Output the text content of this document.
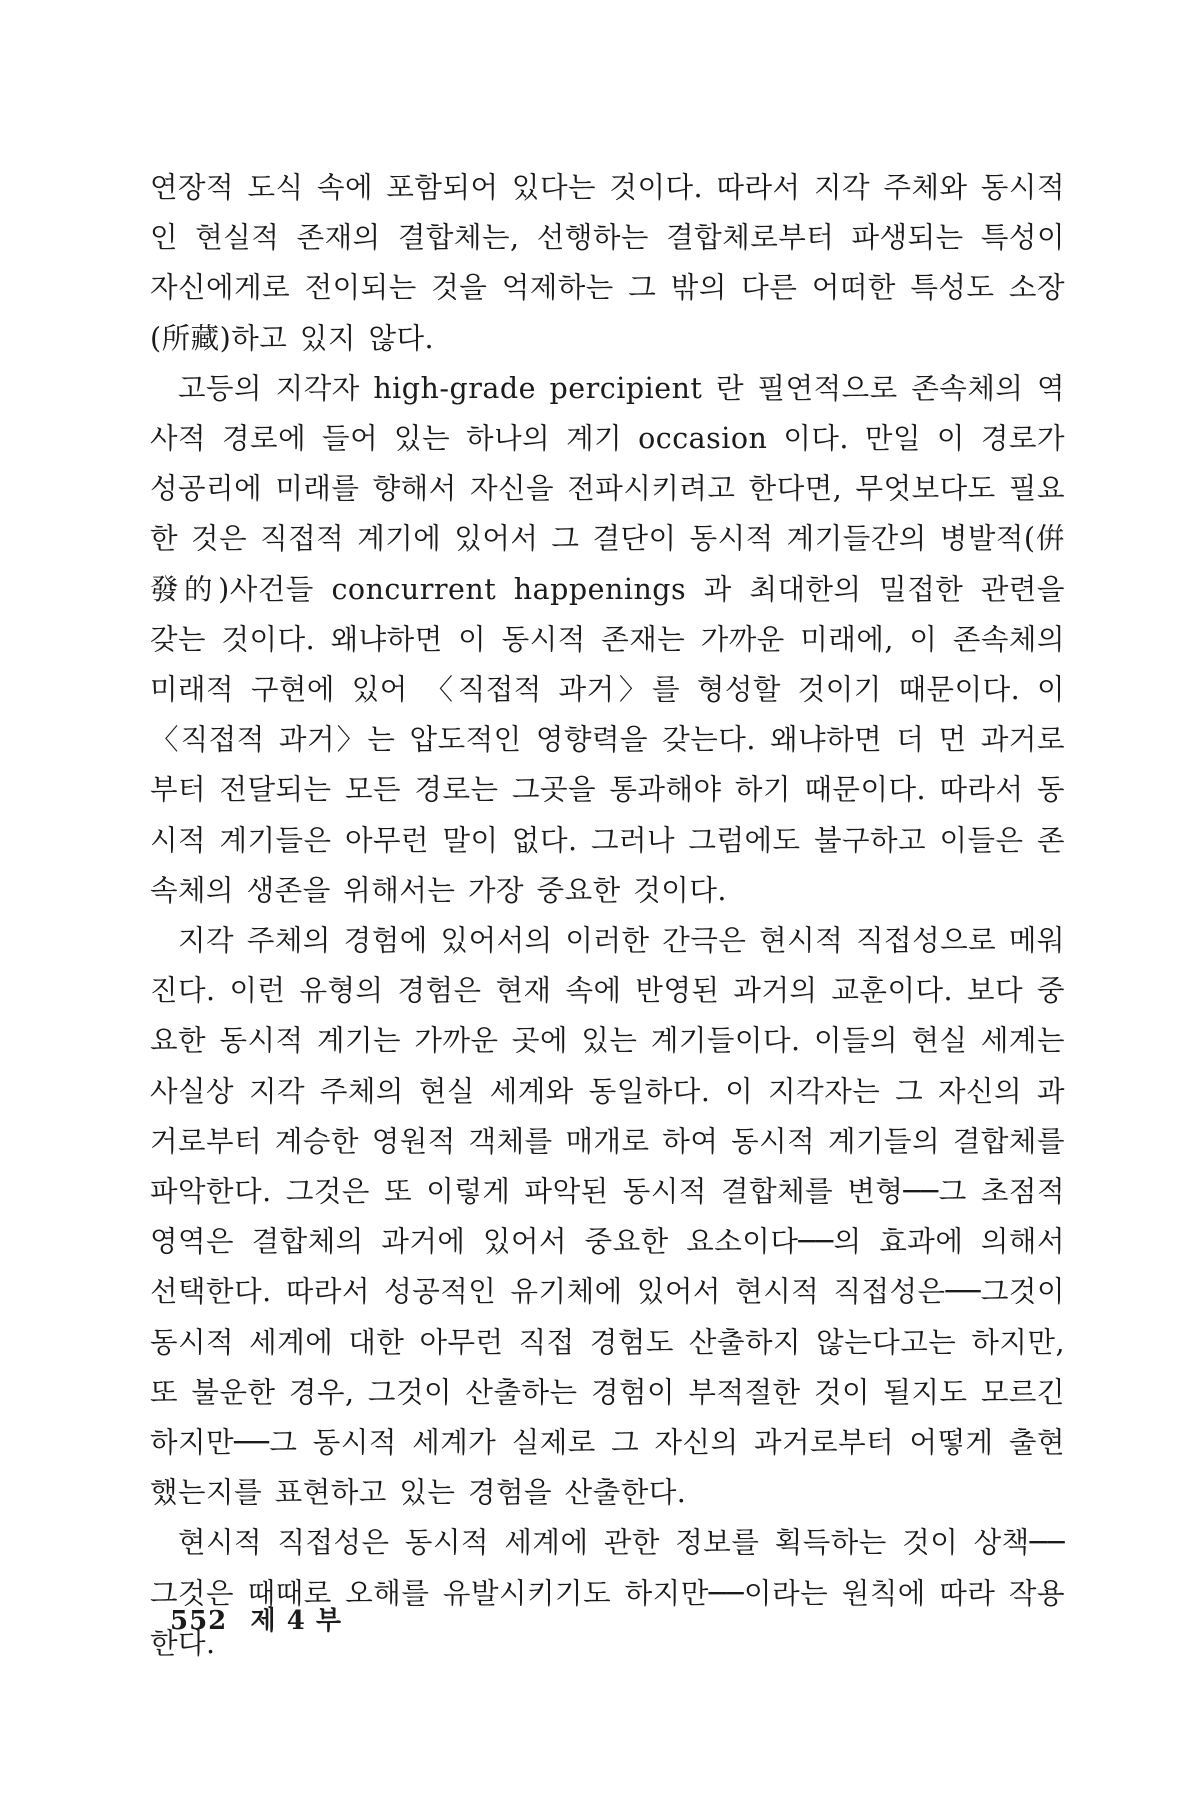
연장적 도식 속에 포함되어 있다는 것이다. 따라서 지각 주체와 동시적인 현실적 존재의 결합체는, 선행하는 결합체로부터 파생되는 특성이 자신에게로 전이되는 것을 억제하는 그 밖의 다른 어떠한 특성도 소장(所藏)하고 있지 않다.

고등의 지각자 high-grade percipient 란 필연적으로 존속체의 역사적 경로에 들어 있는 하나의 계기 occasion 이다. 만일 이 경로가 성공리에 미래를 향해서 자신을 전파시키려고 한다면, 무엇보다도 필요한 것은 직접적 계기에 있어서 그 결단이 동시적 계기들간의 병발적(倂發的)사건들 concurrent happenings 과 최대한의 밀접한 관련을 갖는 것이다. 왜냐하면 이 동시적 존재는 가까운 미래에, 이 존속체의 미래적 구현에 있어 〈직접적 과거〉를 형성할 것이기 때문이다. 이 〈직접적 과거〉는 압도적인 영향력을 갖는다. 왜냐하면 더 먼 과거로부터 전달되는 모든 경로는 그곳을 통과해야 하기 때문이다. 따라서 동시적 계기들은 아무런 말이 없다. 그러나 그럼에도 불구하고 이들은 존속체의 생존을 위해서는 가장 중요한 것이다.

지각 주체의 경험에 있어서의 이러한 간극은 현시적 직접성으로 메워진다. 이런 유형의 경험은 현재 속에 반영된 과거의 교훈이다. 보다 중요한 동시적 계기는 가까운 곳에 있는 계기들이다. 이들의 현실 세계는 사실상 지각 주체의 현실 세계와 동일하다. 이 지각자는 그 자신의 과거로부터 계승한 영원적 객체를 매개로 하여 동시적 계기들의 결합체를 파악한다. 그것은 또 이렇게 파악된 동시적 결합체를 변형──그 초점적 영역은 결합체의 과거에 있어서 중요한 요소이다──의 효과에 의해서 선택한다. 따라서 성공적인 유기체에 있어서 현시적 직접성은──그것이 동시적 세계에 대한 아무런 직접 경험도 산출하지 않는다고는 하지만, 또 불운한 경우, 그것이 산출하는 경험이 부적절한 것이 될지도 모르긴 하지만──그 동시적 세계가 실제로 그 자신의 과거로부터 어떻게 출현했는지를 표현하고 있는 경험을 산출한다.

현시적 직접성은 동시적 세계에 관한 정보를 획득하는 것이 상책──그것은 때때로 오해를 유발시키기도 하지만──이라는 원칙에 따라 작용한다.

552 제 4 부
